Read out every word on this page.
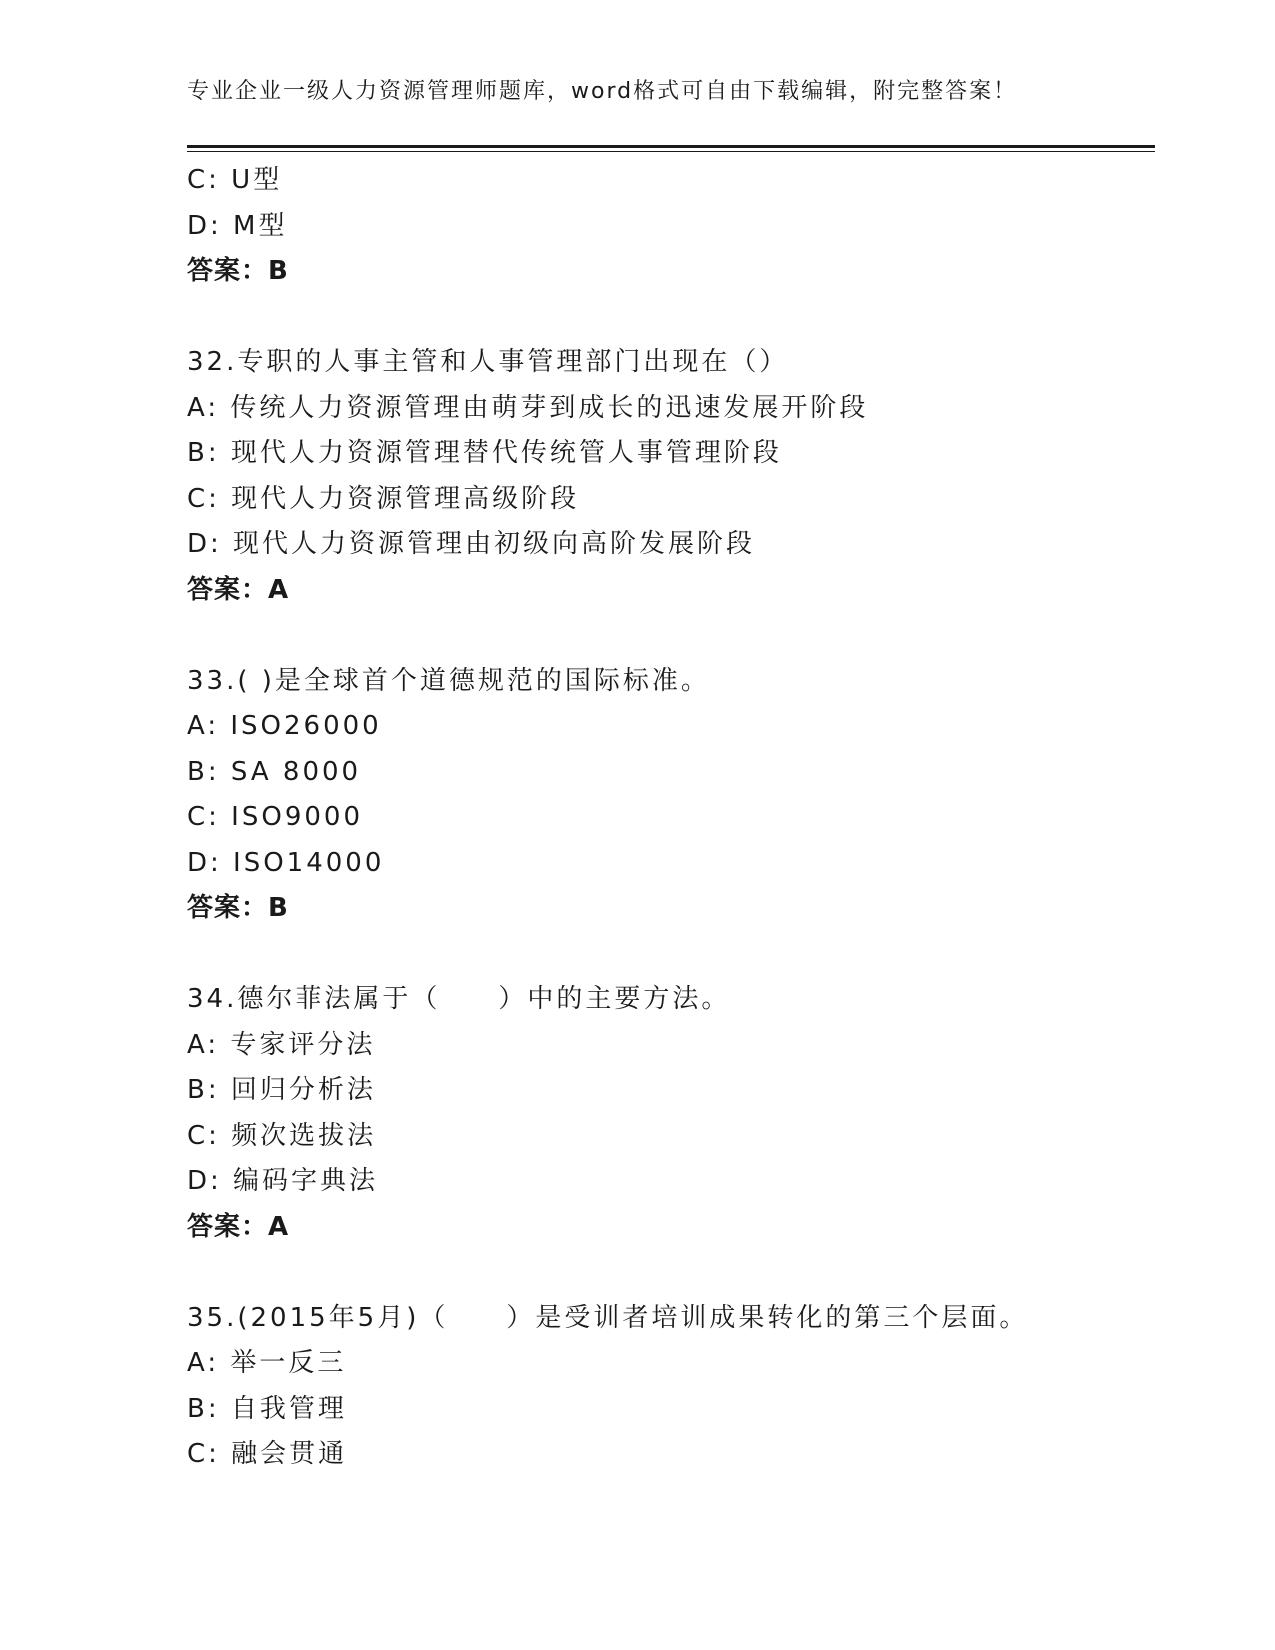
专业企业一级人力资源管理师题库，word格式可自由下载编辑，附完整答案！
C: U型
D: M型
答案：B
32.专职的人事主管和人事管理部门出现在（）
A: 传统人力资源管理由萌芽到成长的迅速发展开阶段
B: 现代人力资源管理替代传统管人事管理阶段
C: 现代人力资源管理高级阶段
D: 现代人力资源管理由初级向高阶发展阶段
答案：A
33.( )是全球首个道德规范的国际标准。
A: ISO26000
B: SA 8000
C: ISO9000
D: ISO14000
答案：B
34.德尔菲法属于（　　）中的主要方法。
A: 专家评分法
B: 回归分析法
C: 频次选拔法
D: 编码字典法
答案：A
35.(2015年5月)（　　）是受训者培训成果转化的第三个层面。
A: 举一反三
B: 自我管理
C: 融会贯通
